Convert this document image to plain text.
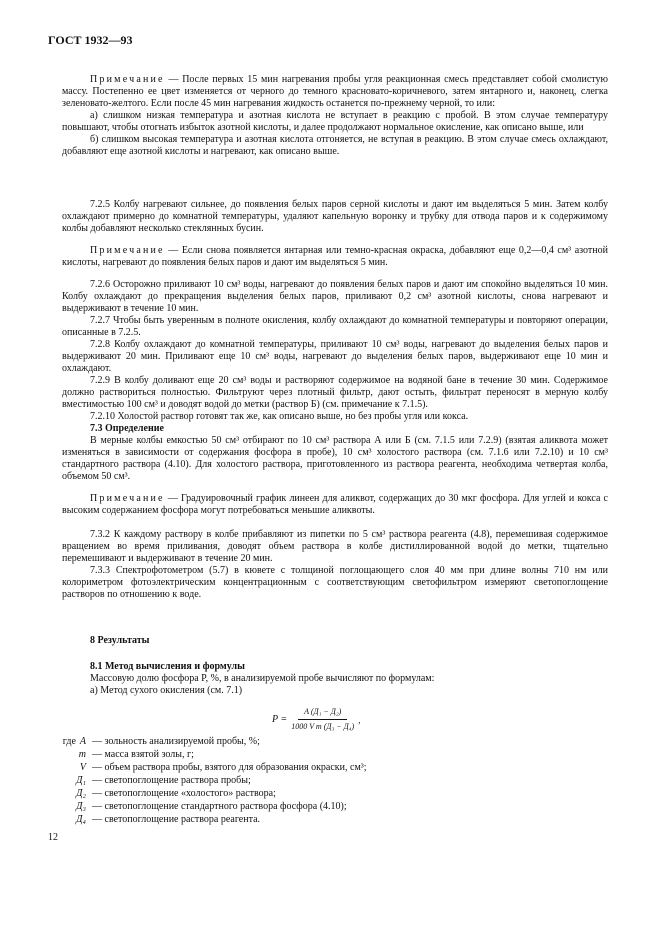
ГОСТ 1932—93

Примечание — После первых 15 мин нагревания пробы угля реакционная смесь представляет собой смолистую массу. Постепенно ее цвет изменяется от черного до темного красновато-коричневого, затем янтарного и, наконец, слегка зеленовато-желтого. Если после 45 мин нагревания жидкость останется по-прежнему черной, то или:

а) слишком низкая температура и азотная кислота не вступает в реакцию с пробой. В этом случае температуру повышают, чтобы отогнать избыток азотной кислоты, и далее продолжают нормальное окисление, как описано выше, или

б) слишком высокая температура и азотная кислота отгоняется, не вступая в реакцию. В этом случае смесь охлаждают, добавляют еще азотной кислоты и нагревают, как описано выше.

7.2.5 Колбу нагревают сильнее, до появления белых паров серной кислоты и дают им выделяться 5 мин. Затем колбу охлаждают примерно до комнатной температуры, удаляют капельную воронку и трубку для отвода паров и к содержимому колбы добавляют несколько стеклянных бусин.

Примечание — Если снова появляется янтарная или темно-красная окраска, добавляют еще 0,2—0,4 см³ азотной кислоты, нагревают до появления белых паров и дают им выделяться 5 мин.

7.2.6 Осторожно приливают 10 см³ воды, нагревают до появления белых паров и дают им спокойно выделяться 10 мин. Колбу охлаждают до прекращения выделения белых паров, приливают 0,2 см³ азотной кислоты, снова нагревают и выдерживают в течение 10 мин.

7.2.7 Чтобы быть уверенным в полноте окисления, колбу охлаждают до комнатной температуры и повторяют операции, описанные в 7.2.5.

7.2.8 Колбу охлаждают до комнатной температуры, приливают 10 см³ воды, нагревают до выделения белых паров и выдерживают 20 мин. Приливают еще 10 см³ воды, нагревают до выделения белых паров, выдерживают еще 10 мин и охлаждают.

7.2.9 В колбу доливают еще 20 см³ воды и растворяют содержимое на водяной бане в течение 30 мин. Содержимое должно раствориться полностью. Фильтруют через плотный фильтр, дают остыть, фильтрат переносят в мерную колбу вместимостью 100 см³ и доводят водой до метки (раствор Б) (см. примечание к 7.1.5).

7.2.10 Холостой раствор готовят так же, как описано выше, но без пробы угля или кокса.

7.3 Определение

В мерные колбы емкостью 50 см³ отбирают по 10 см³ раствора А или Б (см. 7.1.5 или 7.2.9) (взятая аликвота может изменяться в зависимости от содержания фосфора в пробе), 10 см³ холостого раствора (см. 7.1.6 или 7.2.10) и 10 см³ стандартного раствора (4.10). Для холостого раствора, приготовленного из раствора реагента, необходима четвертая колба, объемом 50 см³.

Примечание — Градуировочный график линеен для аликвот, содержащих до 30 мкг фосфора. Для углей и кокса с высоким содержанием фосфора могут потребоваться меньшие аликвоты.

7.3.2 К каждому раствору в колбе прибавляют из пипетки по 5 см³ раствора реагента (4.8), перемешивая содержимое вращением во время приливания, доводят объем раствора в колбе дистиллированной водой до метки, тщательно перемешивают и выдерживают в течение 20 мин.

7.3.3 Спектрофотометром (5.7) в кювете с толщиной поглощающего слоя 40 мм при длине волны 710 нм или колориметром фотоэлектрическим концентрационным с соответствующим светофильтром измеряют светопоглощение растворов по отношению к воде.

8 Результаты

8.1 Метод вычисления и формулы

Массовую долю фосфора P, %, в анализируемой пробе вычисляют по формулам:

а) Метод сухого окисления (см. 7.1)

$P = \frac{\text{A (Д₁ − Д₂)}}{\text{1000 V m (Д₃ − Д₄)}}$ ,
где A — зольность анализируемой пробы, %;
m — масса взятой золы, г;
V — объем раствора пробы, взятого для образования окраски, см³;
Д₁ — светопоглощение раствора пробы;
Д₂ — светопоглощение «холостого» раствора;
Д₃ — светопоглощение стандартного раствора фосфора (4.10);
Д₄ — светопоглощение раствора реагента.
12
